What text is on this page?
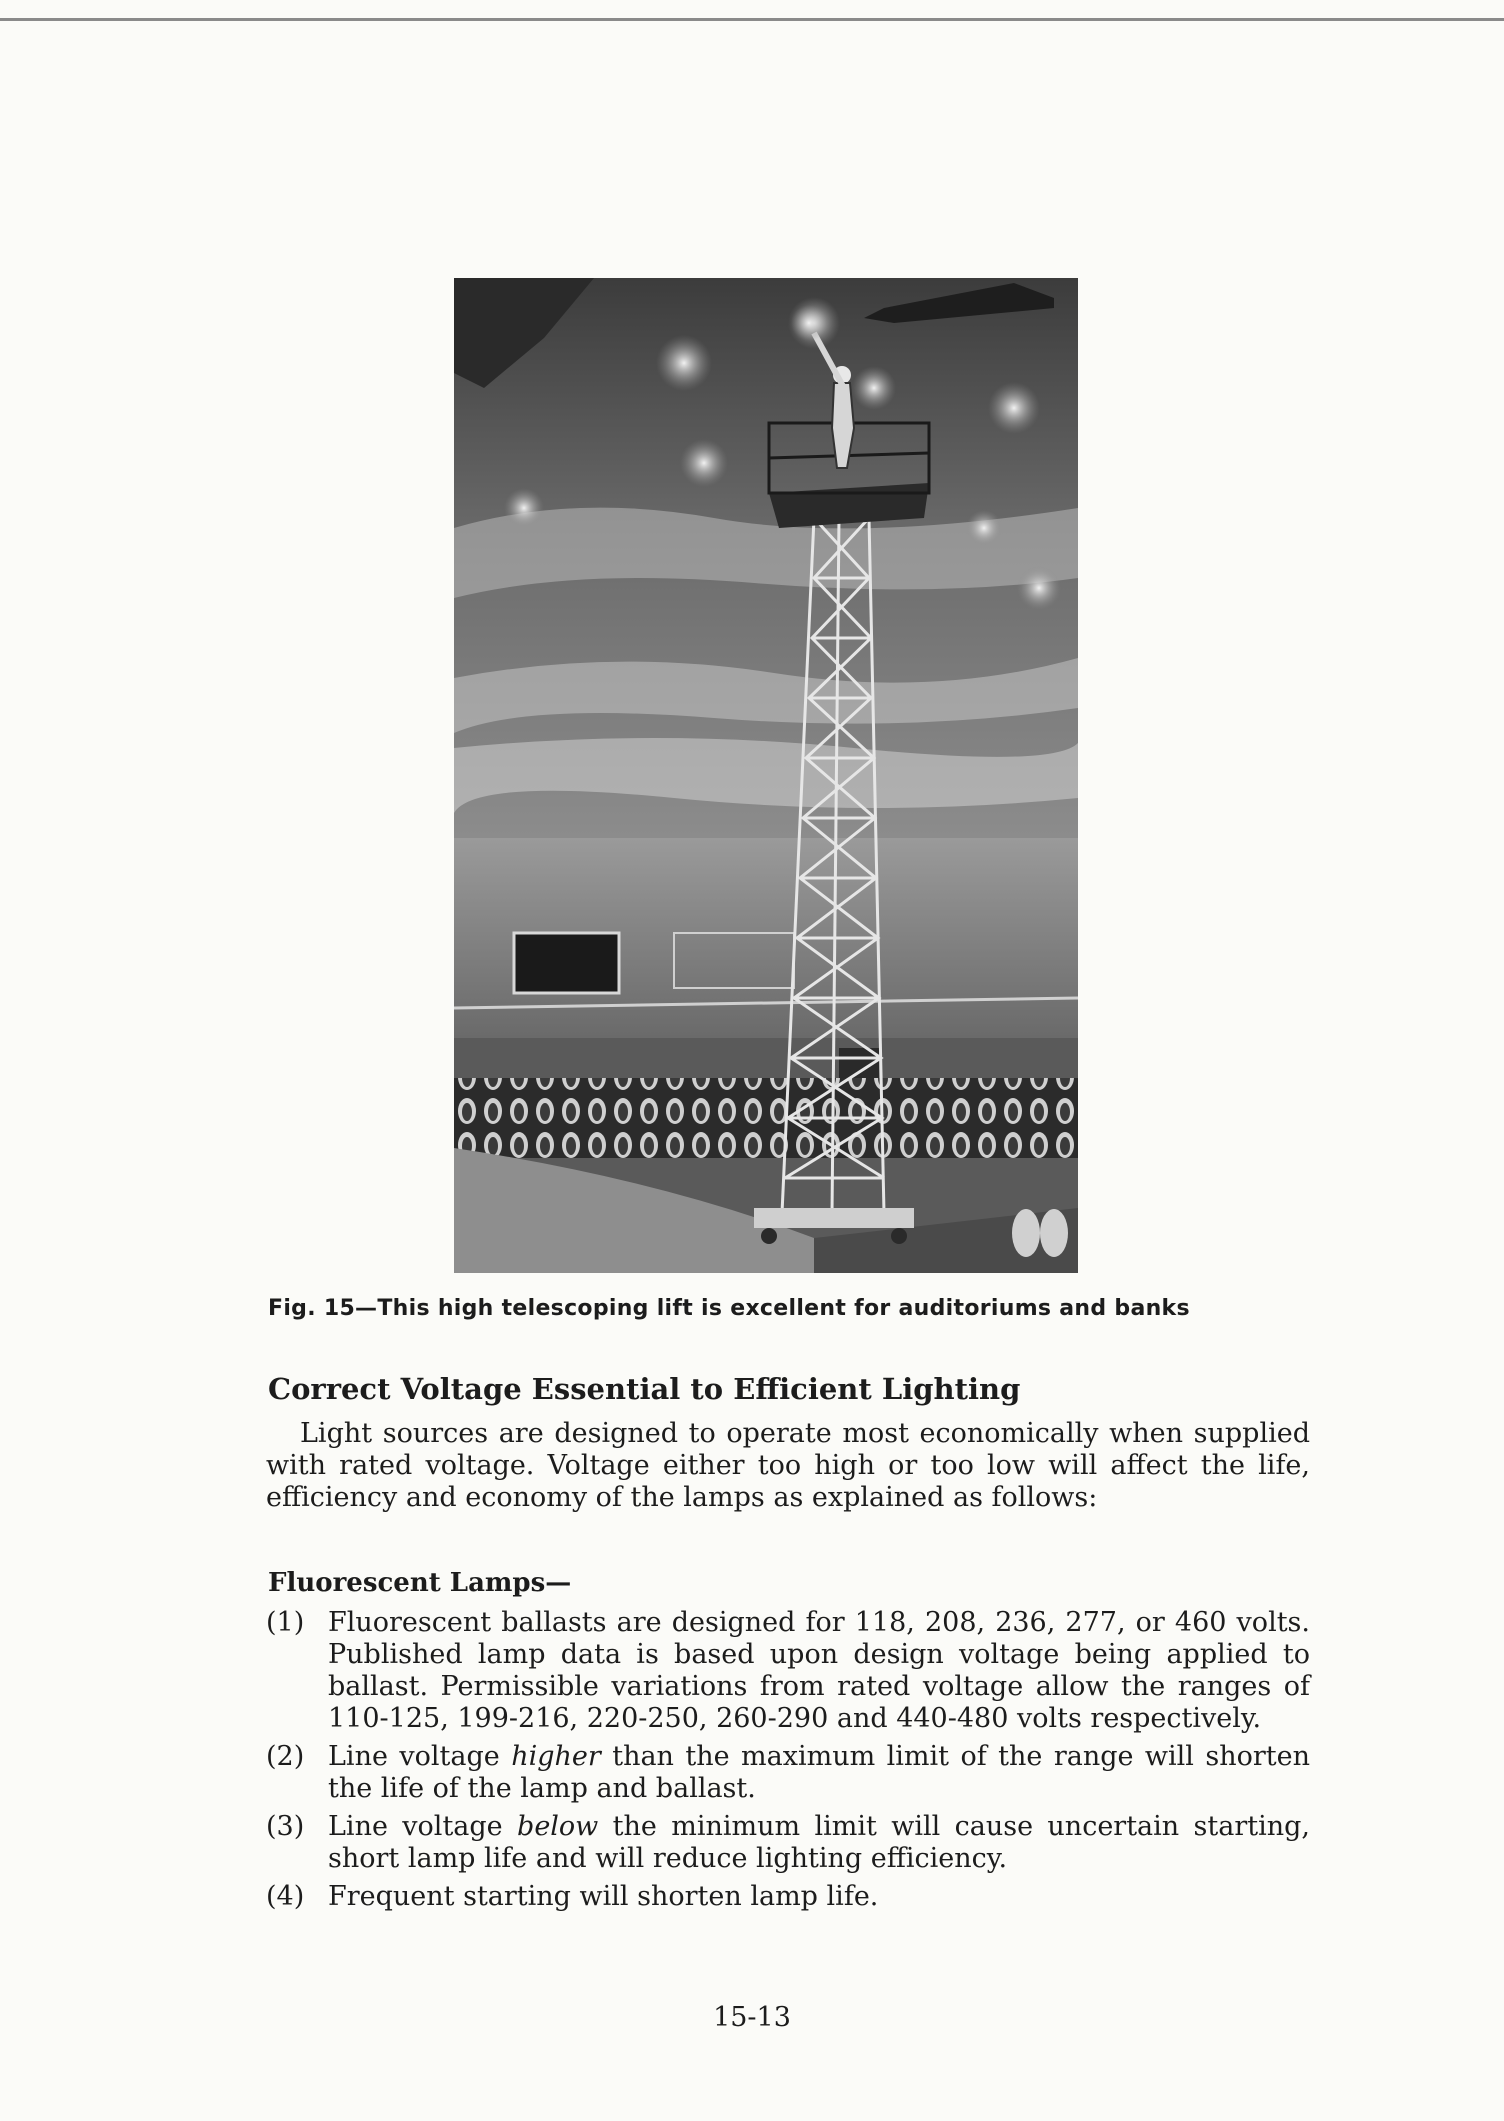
Fig. 15—This high telescoping lift is excellent for auditoriums and banks
Correct Voltage Essential to Efficient Lighting
Light sources are designed to operate most economically when supplied with rated voltage. Voltage either too high or too low will affect the life, efficiency and economy of the lamps as explained as follows:
Fluorescent Lamps—
(1) Fluorescent ballasts are designed for 118, 208, 236, 277, or 460 volts. Published lamp data is based upon design voltage being applied to ballast. Permissible variations from rated voltage allow the ranges of 110-125, 199-216, 220-250, 260-290 and 440-480 volts respectively.
(2) Line voltage higher than the maximum limit of the range will shorten the life of the lamp and ballast.
(3) Line voltage below the minimum limit will cause uncertain starting, short lamp life and will reduce lighting efficiency.
(4) Frequent starting will shorten lamp life.
15-13
